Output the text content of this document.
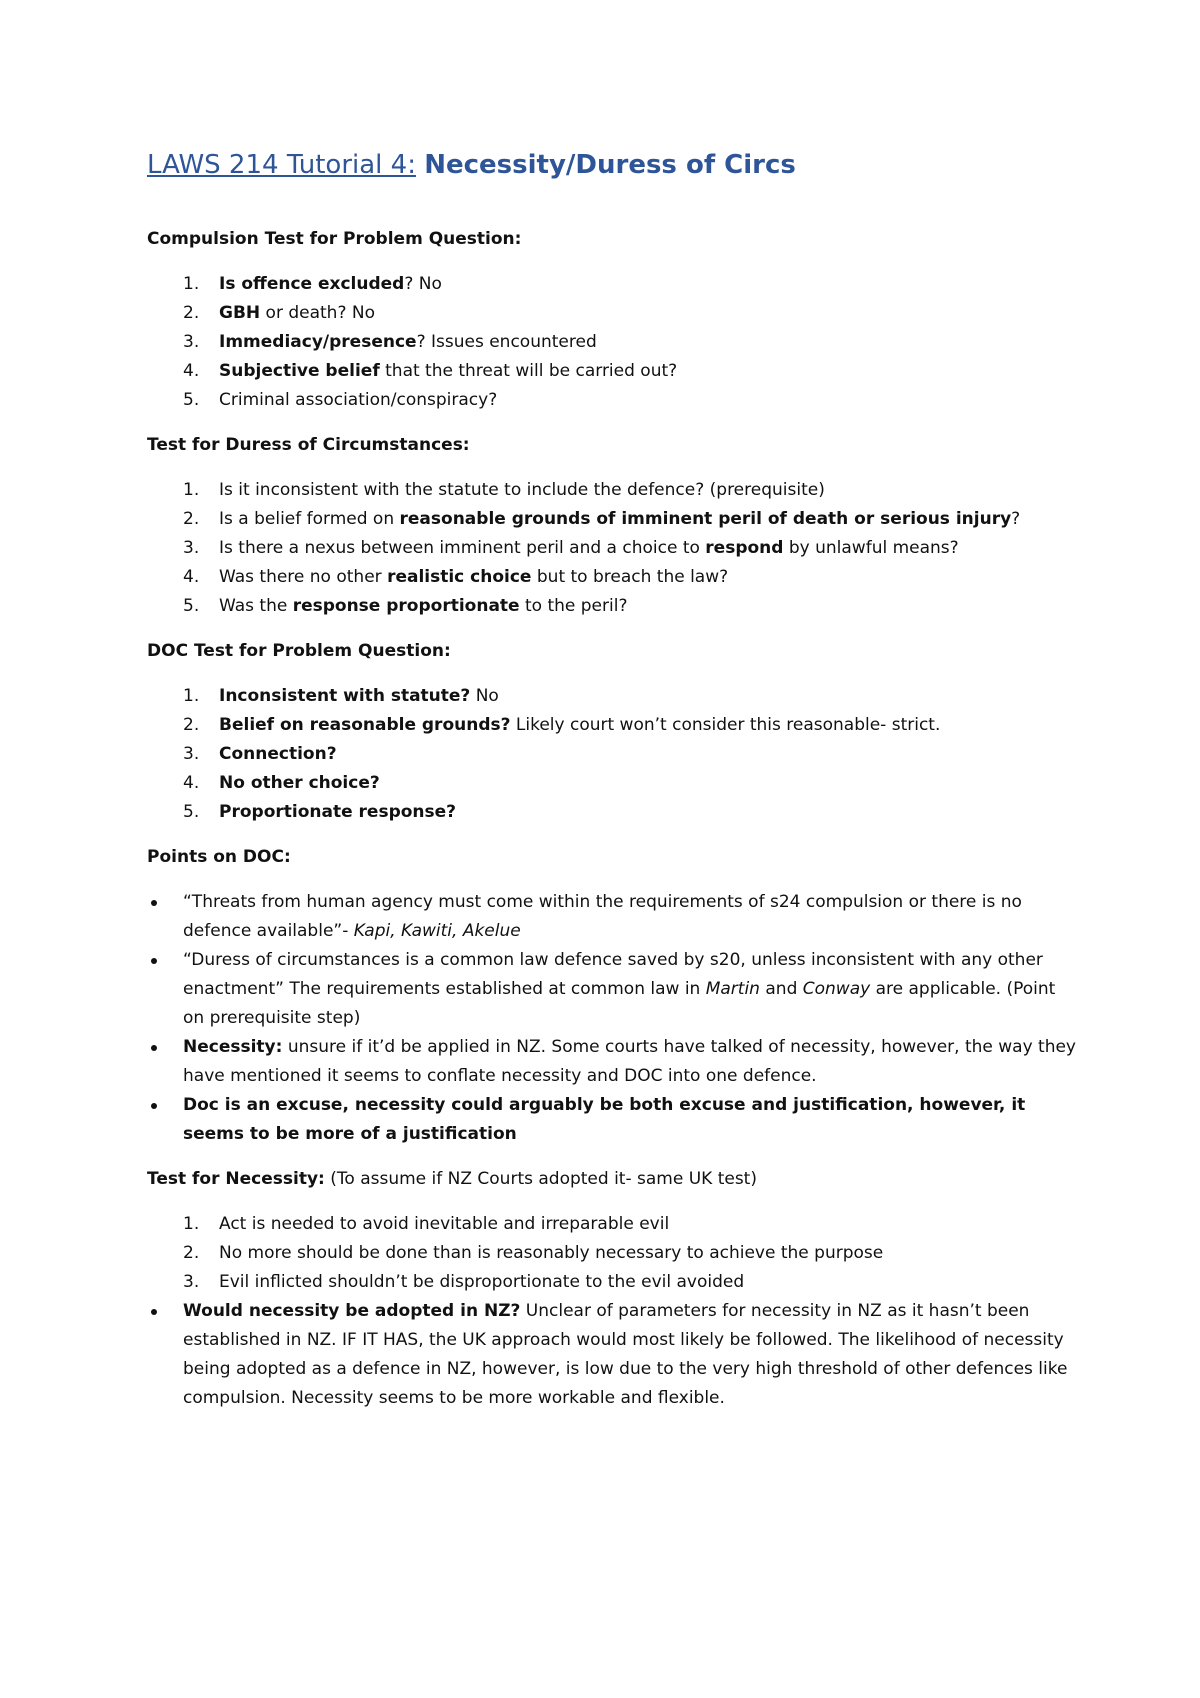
LAWS 214 Tutorial 4: Necessity/Duress of Circs
Compulsion Test for Problem Question:
1. Is offence excluded? No
2. GBH or death? No
3. Immediacy/presence? Issues encountered
4. Subjective belief that the threat will be carried out?
5. Criminal association/conspiracy?
Test for Duress of Circumstances:
1. Is it inconsistent with the statute to include the defence? (prerequisite)
2. Is a belief formed on reasonable grounds of imminent peril of death or serious injury?
3. Is there a nexus between imminent peril and a choice to respond by unlawful means?
4. Was there no other realistic choice but to breach the law?
5. Was the response proportionate to the peril?
DOC Test for Problem Question:
1. Inconsistent with statute? No
2. Belief on reasonable grounds? Likely court won’t consider this reasonable- strict.
3. Connection?
4. No other choice?
5. Proportionate response?
Points on DOC:
“Threats from human agency must come within the requirements of s24 compulsion or there is no defence available”- Kapi, Kawiti, Akelue
“Duress of circumstances is a common law defence saved by s20, unless inconsistent with any other enactment” The requirements established at common law in Martin and Conway are applicable. (Point on prerequisite step)
Necessity: unsure if it’d be applied in NZ. Some courts have talked of necessity, however, the way they have mentioned it seems to conflate necessity and DOC into one defence.
Doc is an excuse, necessity could arguably be both excuse and justification, however, it seems to be more of a justification
Test for Necessity: (To assume if NZ Courts adopted it- same UK test)
1. Act is needed to avoid inevitable and irreparable evil
2. No more should be done than is reasonably necessary to achieve the purpose
3. Evil inflicted shouldn’t be disproportionate to the evil avoided
Would necessity be adopted in NZ? Unclear of parameters for necessity in NZ as it hasn’t been established in NZ. IF IT HAS, the UK approach would most likely be followed. The likelihood of necessity being adopted as a defence in NZ, however, is low due to the very high threshold of other defences like compulsion. Necessity seems to be more workable and flexible.
